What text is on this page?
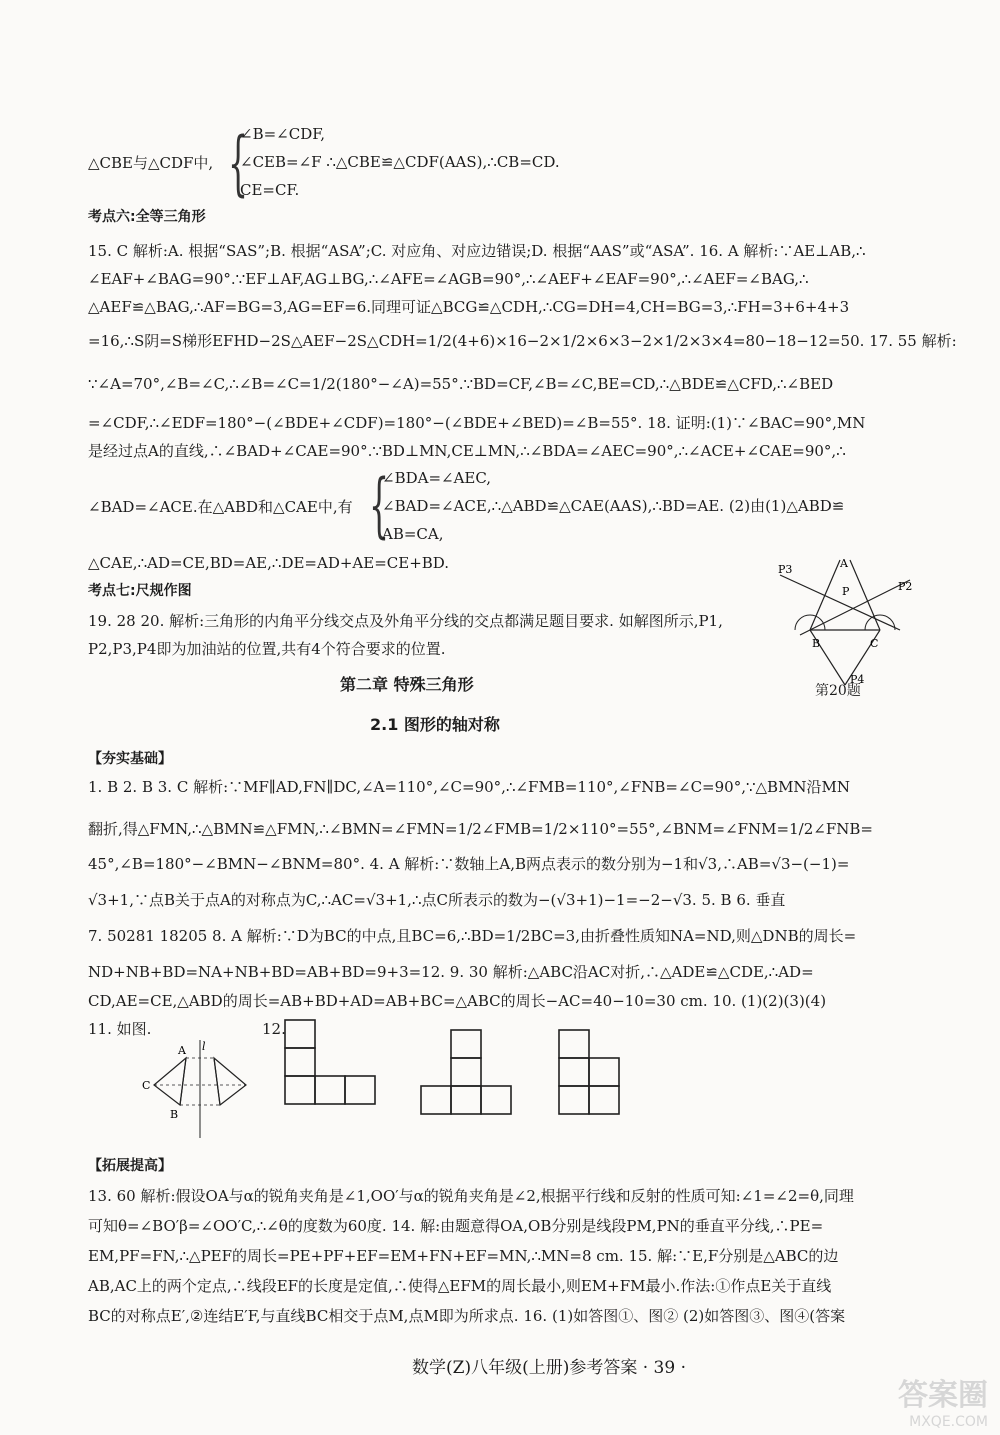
△CBE与△CDF中, {
∠B=∠CDF,
∠CEB=∠F ∴△CBE≌△CDF(AAS),∴CB=CD.
CE=CF.
考点六:全等三角形
15. C 解析:A. 根据“SAS”;B. 根据“ASA”;C. 对应角、对应边错误;D. 根据“AAS”或“ASA”. 16. A 解析:∵AE⊥AB,∴
∠EAF+∠BAG=90°.∵EF⊥AF,AG⊥BG,∴∠AFE=∠AGB=90°,∴∠AEF+∠EAF=90°,∴∠AEF=∠BAG,∴
△AEF≌△BAG,∴AF=BG=3,AG=EF=6.同理可证△BCG≌△CDH,∴CG=DH=4,CH=BG=3,∴FH=3+6+4+3
=16,∴S阴=S梯形EFHD−2S△AEF−2S△CDH=1/2(4+6)×16−2×1/2×6×3−2×1/2×3×4=80−18−12=50. 17. 55 解析:
∵∠A=70°,∠B=∠C,∴∠B=∠C=1/2(180°−∠A)=55°.∵BD=CF,∠B=∠C,BE=CD,∴△BDE≌△CFD,∴∠BED
=∠CDF,∴∠EDF=180°−(∠BDE+∠CDF)=180°−(∠BDE+∠BED)=∠B=55°. 18. 证明:(1)∵∠BAC=90°,MN
是经过点A的直线,∴∠BAD+∠CAE=90°.∵BD⊥MN,CE⊥MN,∴∠BDA=∠AEC=90°,∴∠ACE+∠CAE=90°,∴
∠BAD=∠ACE.在△ABD和△CAE中,有 {
∠BDA=∠AEC,
∠BAD=∠ACE,∴△ABD≌△CAE(AAS),∴BD=AE. (2)由(1)△ABD≌
AB=CA,
△CAE,∴AD=CE,BD=AE,∴DE=AD+AE=CE+BD.
考点七:尺规作图
19. 28 20. 解析:三角形的内角平分线交点及外角平分线的交点都满足题目要求. 如解图所示,P1,
P2,P3,P4即为加油站的位置,共有4个符合要求的位置.
P3	A
P	P2
B	C
P4
第20题
第二章 特殊三角形
2.1 图形的轴对称
【夯实基础】
1. B 2. B 3. C 解析:∵MF∥AD,FN∥DC,∠A=110°,∠C=90°,∴∠FMB=110°,∠FNB=∠C=90°,∵△BMN沿MN
翻折,得△FMN,∴△BMN≌△FMN,∴∠BMN=∠FMN=1/2∠FMB=1/2×110°=55°,∠BNM=∠FNM=1/2∠FNB=
45°,∠B=180°−∠BMN−∠BNM=80°. 4. A 解析:∵数轴上A,B两点表示的数分别为−1和√3,∴AB=√3−(−1)=
√3+1,∵点B关于点A的对称点为C,∴AC=√3+1,∴点C所表示的数为−(√3+1)−1=−2−√3. 5. B 6. 垂直
7. 50281 18205 8. A 解析:∵D为BC的中点,且BC=6,∴BD=1/2BC=3,由折叠性质知NA=ND,则△DNB的周长=
ND+NB+BD=NA+NB+BD=AB+BD=9+3=12. 9. 30 解析:△ABC沿AC对折,∴△ADE≌△CDE,∴AD=
CD,AE=CE,△ABD的周长=AB+BD+AD=AB+BC=△ABC的周长−AC=40−10=30 cm. 10. (1)(2)(3)(4)
11. 如图.	12.
l
A
C
B
【拓展提高】
13. 60 解析:假设OA与α的锐角夹角是∠1,OO′与α的锐角夹角是∠2,根据平行线和反射的性质可知:∠1=∠2=θ,同理
可知θ=∠BO′β=∠OO′C,∴∠θ的度数为60度. 14. 解:由题意得OA,OB分别是线段PM,PN的垂直平分线,∴PE=
EM,PF=FN,∴△PEF的周长=PE+PF+EF=EM+FN+EF=MN,∴MN=8 cm. 15. 解:∵E,F分别是△ABC的边
AB,AC上的两个定点,∴线段EF的长度是定值,∴使得△EFM的周长最小,则EM+FM最小.作法:①作点E关于直线
BC的对称点E′,②连结E′F,与直线BC相交于点M,点M即为所求点. 16. (1)如答图①、图② (2)如答图③、图④(答案
数学(Z)八年级(上册)参考答案 · 39 ·
答案圈
MXQE.COM
